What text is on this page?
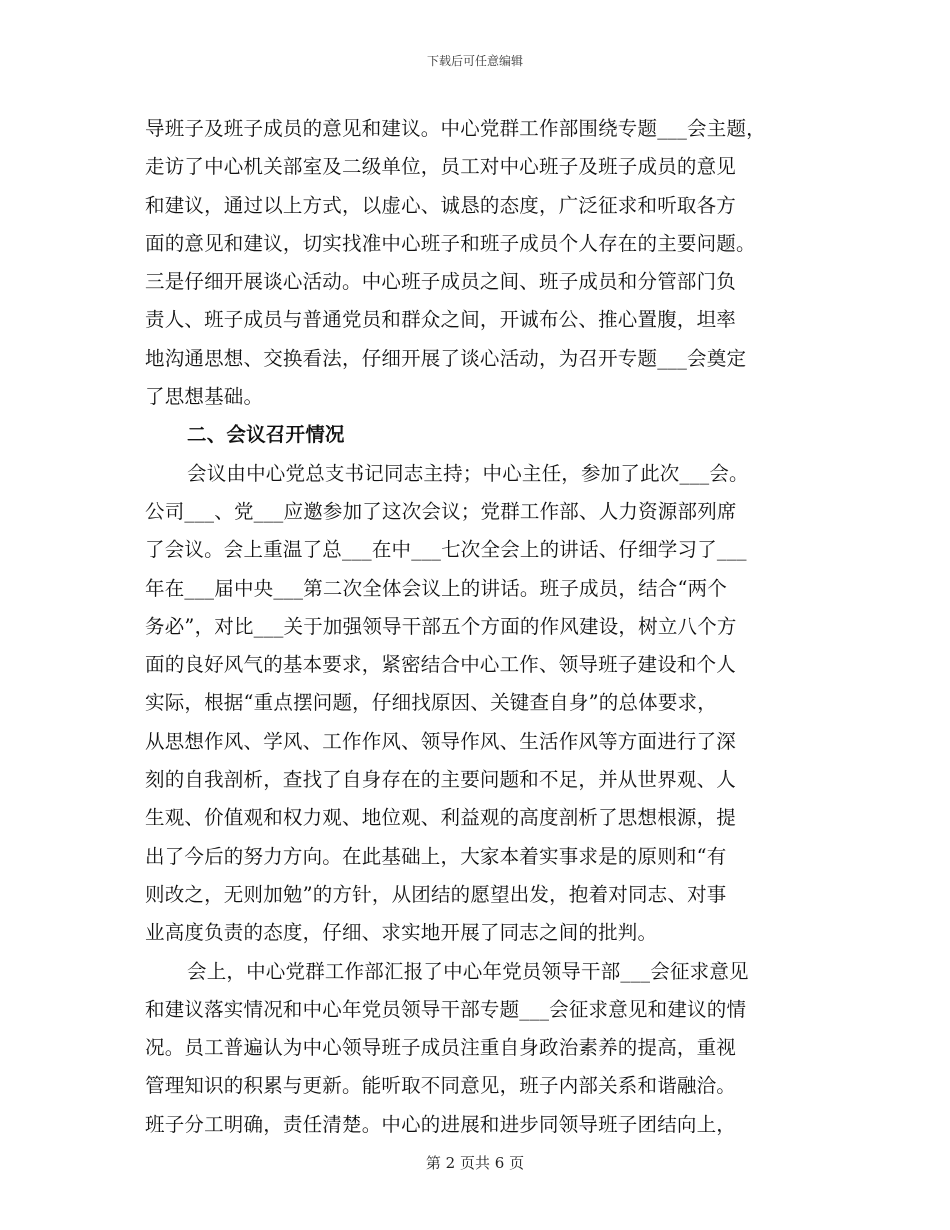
下载后可任意编辑
导班子及班子成员的意见和建议。中心党群工作部围绕专题___会主题，
走访了中心机关部室及二级单位，员工对中心班子及班子成员的意见
和建议，通过以上方式，以虚心、诚恳的态度，广泛征求和听取各方
面的意见和建议，切实找准中心班子和班子成员个人存在的主要问题。
三是仔细开展谈心活动。中心班子成员之间、班子成员和分管部门负
责人、班子成员与普通党员和群众之间，开诚布公、推心置腹，坦率
地沟通思想、交换看法，仔细开展了谈心活动，为召开专题___会奠定
了思想基础。
二、会议召开情况
会议由中心党总支书记同志主持；中心主任，参加了此次___会。
公司___、党___应邀参加了这次会议；党群工作部、人力资源部列席
了会议。会上重温了总___在中___七次全会上的讲话、仔细学习了___
年在___届中央___第二次全体会议上的讲话。班子成员，结合“两个
务必”，对比___关于加强领导干部五个方面的作风建设，树立八个方
面的良好风气的基本要求，紧密结合中心工作、领导班子建设和个人
实际，根据“重点摆问题，仔细找原因、关键查自身”的总体要求，
从思想作风、学风、工作作风、领导作风、生活作风等方面进行了深
刻的自我剖析，查找了自身存在的主要问题和不足，并从世界观、人
生观、价值观和权力观、地位观、利益观的高度剖析了思想根源，提
出了今后的努力方向。在此基础上，大家本着实事求是的原则和“有
则改之，无则加勉”的方针，从团结的愿望出发，抱着对同志、对事
业高度负责的态度，仔细、求实地开展了同志之间的批判。
会上，中心党群工作部汇报了中心年党员领导干部___会征求意见
和建议落实情况和中心年党员领导干部专题___会征求意见和建议的情
况。员工普遍认为中心领导班子成员注重自身政治素养的提高，重视
管理知识的积累与更新。能听取不同意见，班子内部关系和谐融洽。
班子分工明确，责任清楚。中心的进展和进步同领导班子团结向上，
第 2 页共 6 页
